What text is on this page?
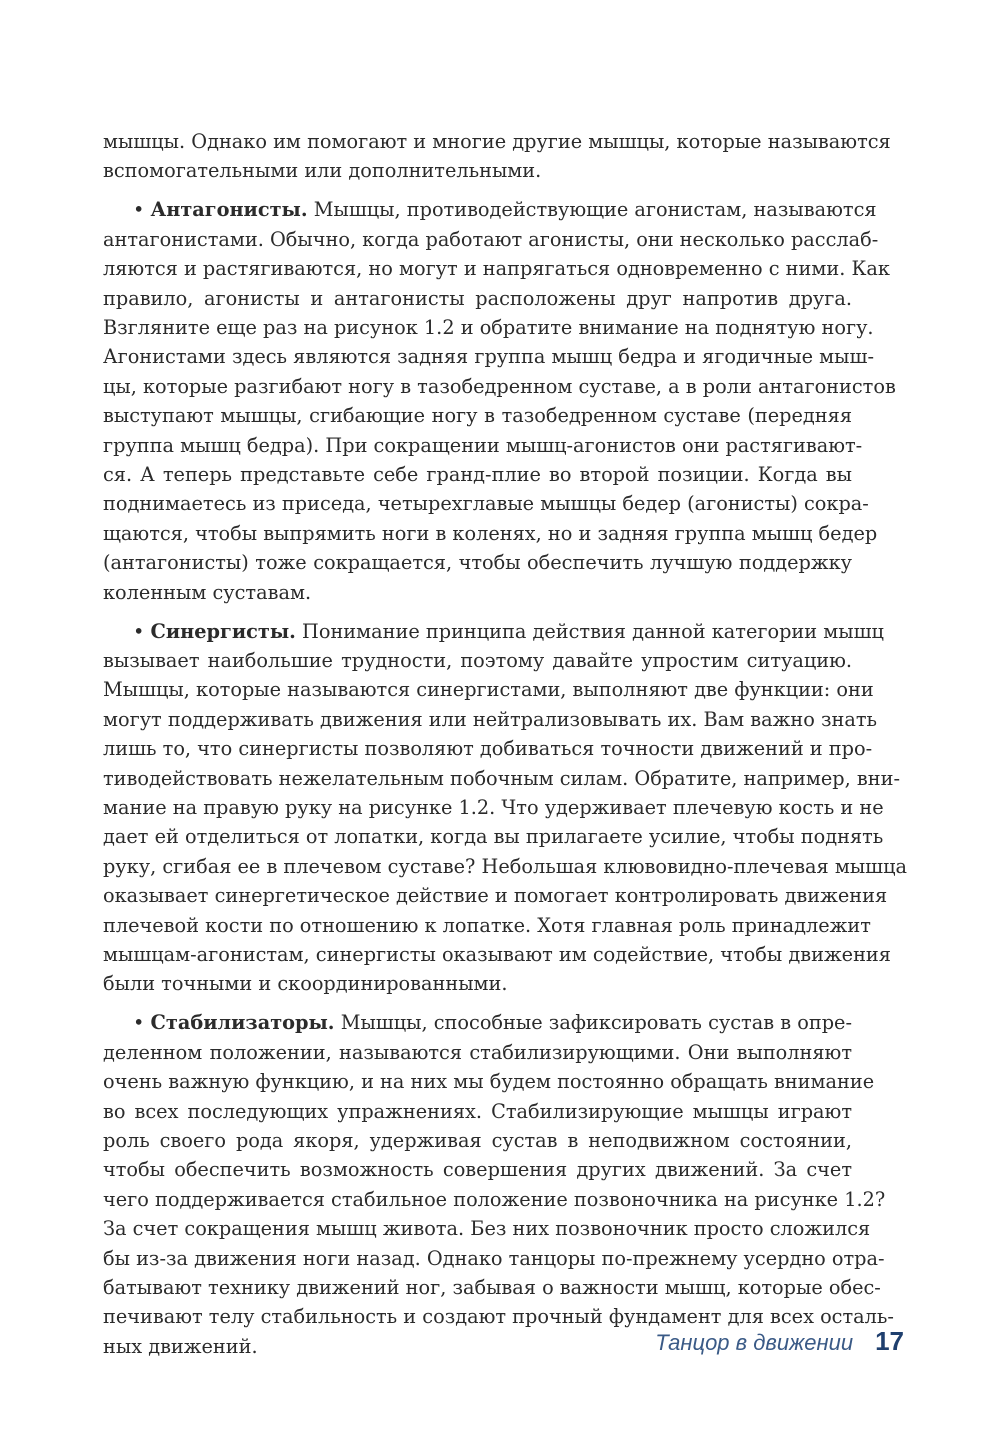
мышцы. Однако им помогают и многие другие мышцы, которые называются
вспомогательными или дополнительными.
• Антагонисты. Мышцы, противодействующие агонистам, называются
антагонистами. Обычно, когда работают агонисты, они несколько расслаб-
ляются и растягиваются, но могут и напрягаться одновременно с ними. Как
правило, агонисты и антагонисты расположены друг напротив друга.
Взгляните еще раз на рисунок 1.2 и обратите внимание на поднятую ногу.
Агонистами здесь являются задняя группа мышц бедра и ягодичные мыш-
цы, которые разгибают ногу в тазобедренном суставе, а в роли антагонистов
выступают мышцы, сгибающие ногу в тазобедренном суставе (передняя
группа мышц бедра). При сокращении мышц-агонистов они растягивают-
ся. А теперь представьте себе гранд-плие во второй позиции. Когда вы
поднимаетесь из приседа, четырехглавые мышцы бедер (агонисты) сокра-
щаются, чтобы выпрямить ноги в коленях, но и задняя группа мышц бедер
(антагонисты) тоже сокращается, чтобы обеспечить лучшую поддержку
коленным суставам.
• Синергисты. Понимание принципа действия данной категории мышц
вызывает наибольшие трудности, поэтому давайте упростим ситуацию.
Мышцы, которые называются синергистами, выполняют две функции: они
могут поддерживать движения или нейтрализовывать их. Вам важно знать
лишь то, что синергисты позволяют добиваться точности движений и про-
тиводействовать нежелательным побочным силам. Обратите, например, вни-
мание на правую руку на рисунке 1.2. Что удерживает плечевую кость и не
дает ей отделиться от лопатки, когда вы прилагаете усилие, чтобы поднять
руку, сгибая ее в плечевом суставе? Небольшая клювовидно-плечевая мышца
оказывает синергетическое действие и помогает контролировать движения
плечевой кости по отношению к лопатке. Хотя главная роль принадлежит
мышцам-агонистам, синергисты оказывают им содействие, чтобы движения
были точными и скоординированными.
• Стабилизаторы. Мышцы, способные зафиксировать сустав в опре-
деленном положении, называются стабилизирующими. Они выполняют
очень важную функцию, и на них мы будем постоянно обращать внимание
во всех последующих упражнениях. Стабилизирующие мышцы играют
роль своего рода якоря, удерживая сустав в неподвижном состоянии,
чтобы обеспечить возможность совершения других движений. За счет
чего поддерживается стабильное положение позвоночника на рисунке 1.2?
За счет сокращения мышц живота. Без них позвоночник просто сложился
бы из-за движения ноги назад. Однако танцоры по-прежнему усердно отра-
батывают технику движений ног, забывая о важности мышц, которые обес-
печивают телу стабильность и создают прочный фундамент для всех осталь-
ных движений.	Танцор в движении 17
